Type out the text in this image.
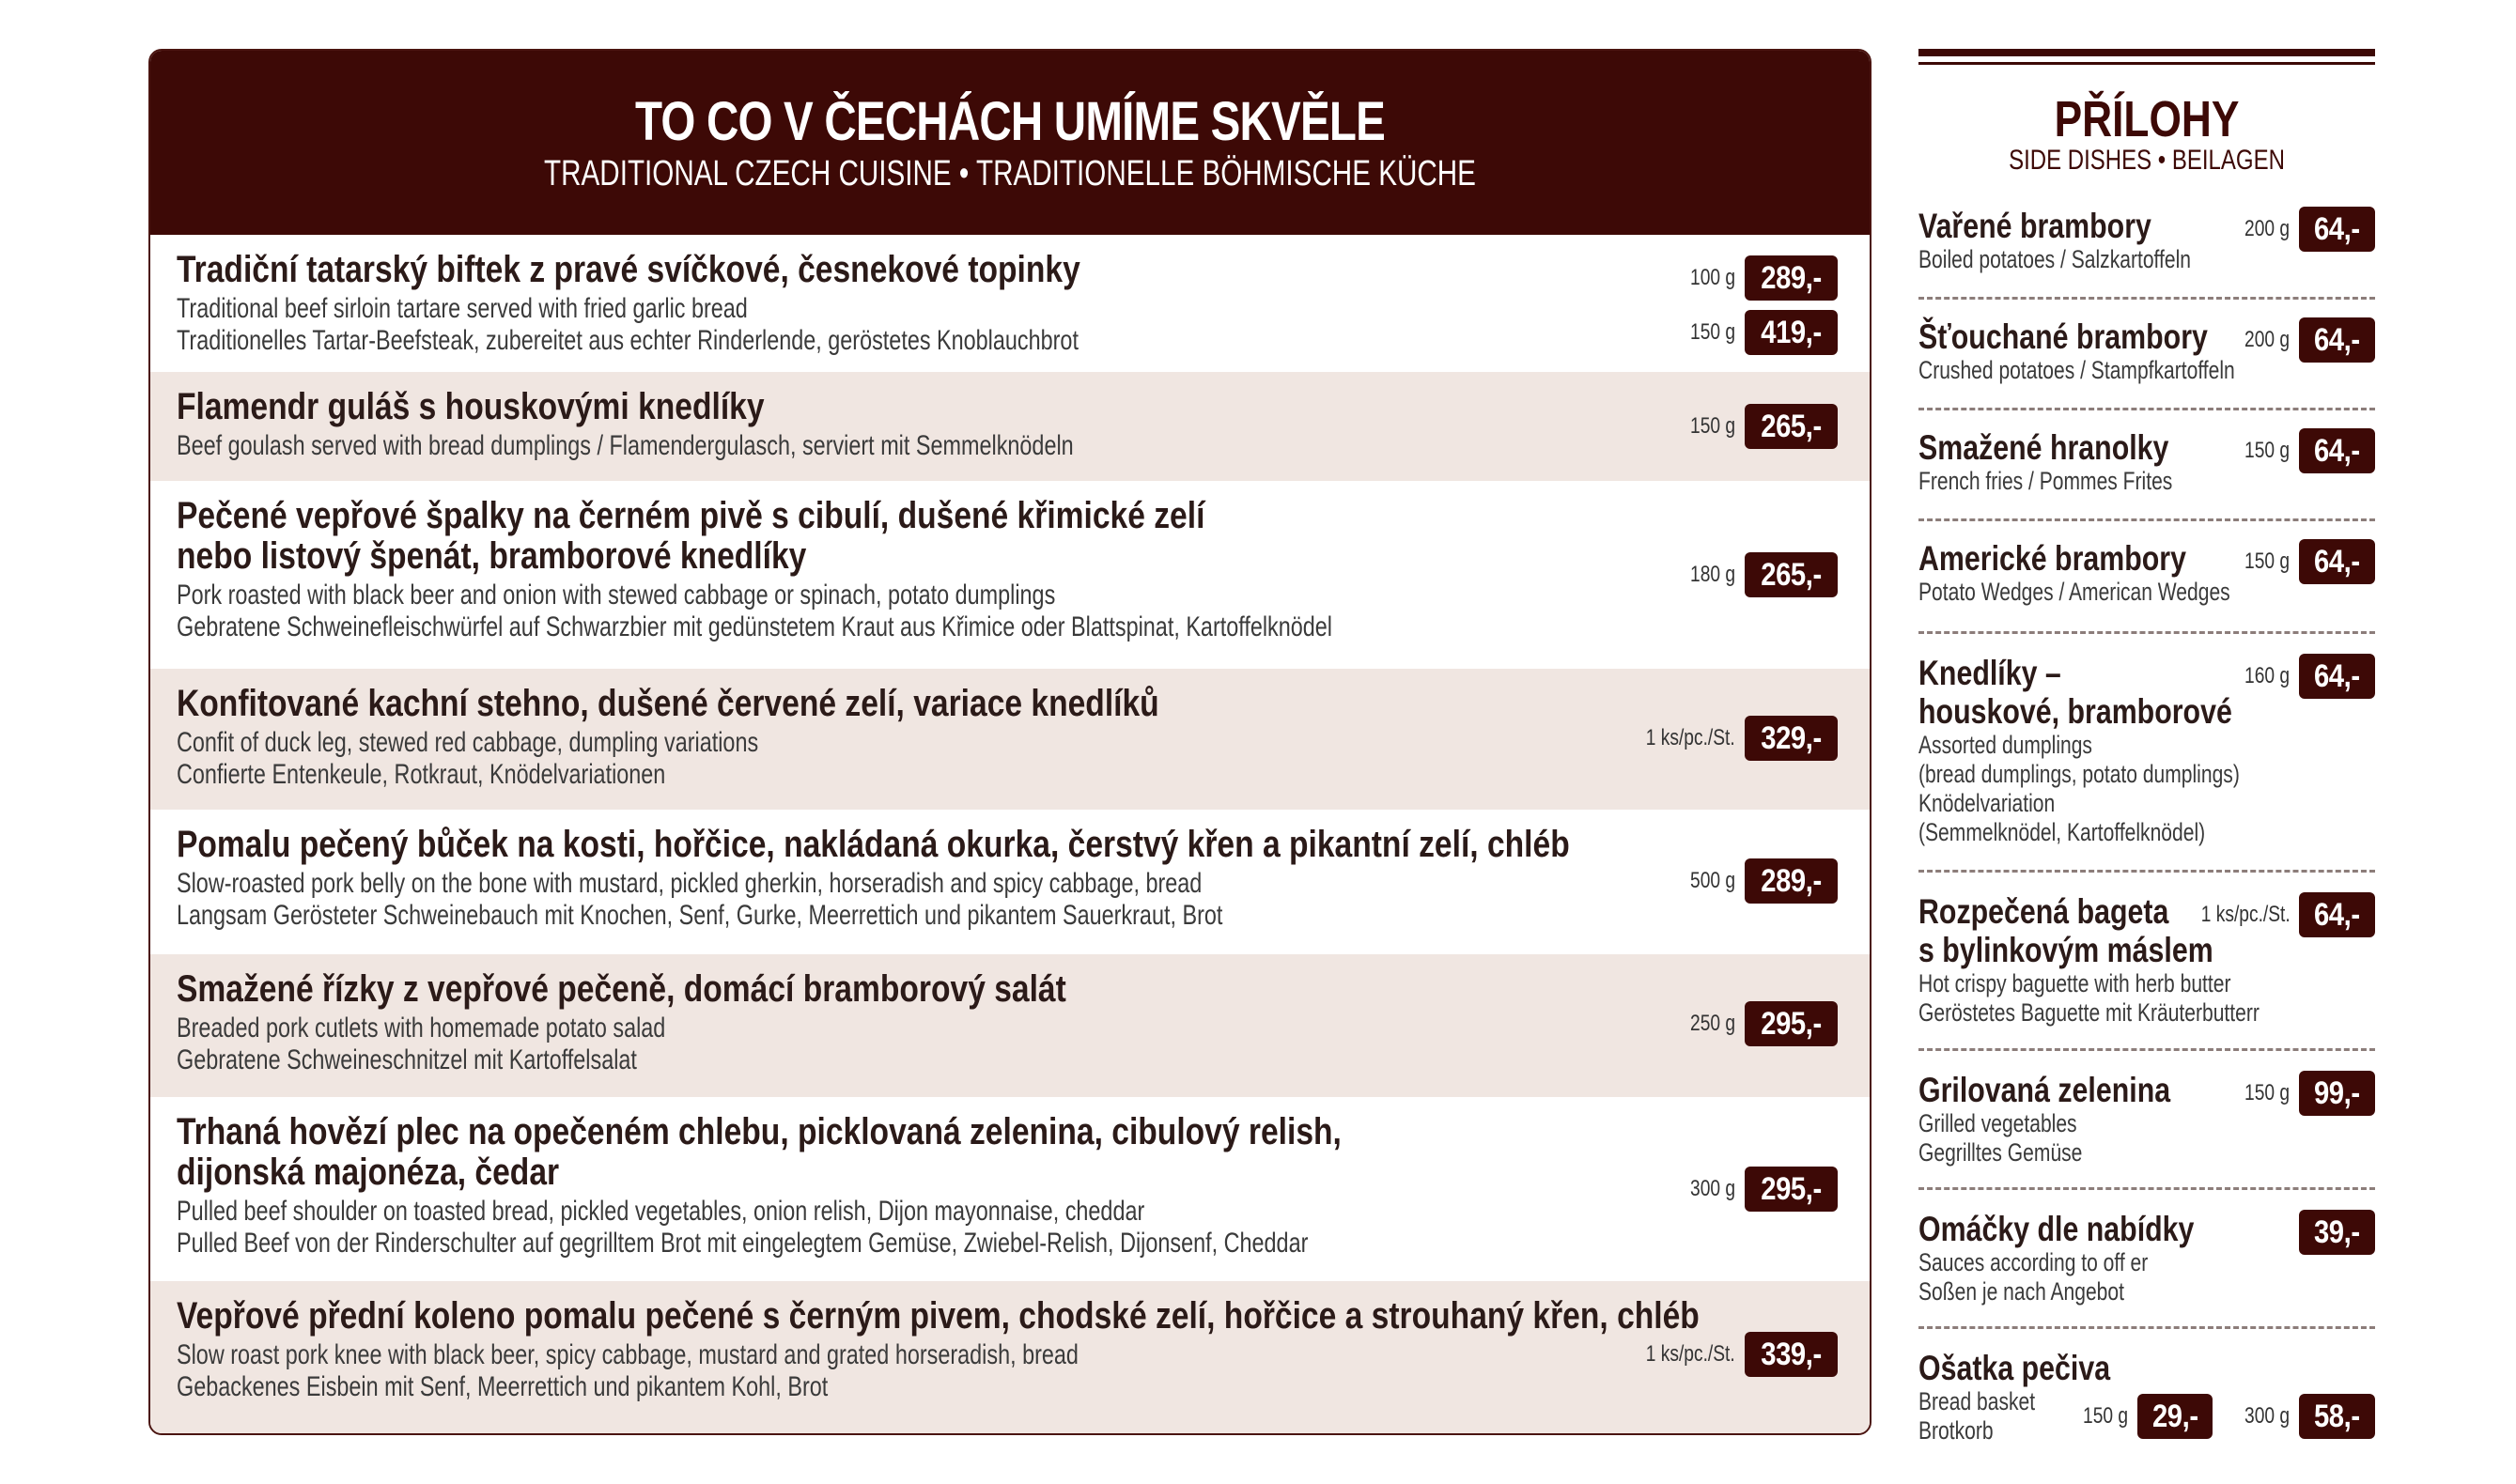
TO CO V ČECHÁCH UMÍME SKVĚLE
TRADITIONAL CZECH CUISINE • TRADITIONELLE BÖHMISCHE KÜCHE
Tradiční tatarský biftek z pravé svíčkové, česnekové topinky
Traditional beef sirloin tartare served with fried garlic bread
Traditionelles Tartar-Beefsteak, zubereitet aus echter Rinderlende, geröstetes Knoblauchbrot
100 g 289,-
150 g 419,-
Flamendr guláš s houskovými knedlíky
Beef goulash served with bread dumplings / Flamendergulasch, serviert mit Semmelknödeln
150 g 265,-
Pečené vepřové špalky na černém pivě s cibulí, dušené křimické zelí
nebo listový špenát, bramborové knedlíky
Pork roasted with black beer and onion with stewed cabbage or spinach, potato dumplings
Gebratene Schweinefleischwürfel auf Schwarzbier mit gedünstetem Kraut aus Křimice oder Blattspinat, Kartoffelknödel
180 g 265,-
Konfitované kachní stehno, dušené červené zelí, variace knedlíků
Confit of duck leg, stewed red cabbage, dumpling variations
Confierte Entenkeule, Rotkraut, Knödelvariationen
1 ks/pc./St. 329,-
Pomalu pečený bůček na kosti, hořčice, nakládaná okurka, čerstvý křen a pikantní zelí, chléb
Slow-roasted pork belly on the bone with mustard, pickled gherkin, horseradish and spicy cabbage, bread
Langsam Gerösteter Schweinebauch mit Knochen, Senf, Gurke, Meerrettich und pikantem Sauerkraut, Brot
500 g 289,-
Smažené řízky z vepřové pečeně, domácí bramborový salát
Breaded pork cutlets with homemade potato salad
Gebratene Schweineschnitzel mit Kartoffelsalat
250 g 295,-
Trhaná hovězí plec na opečeném chlebu, picklovaná zelenina, cibulový relish,
dijonská majonéza, čedar
Pulled beef shoulder on toasted bread, pickled vegetables, onion relish, Dijon mayonnaise, cheddar
Pulled Beef von der Rinderschulter auf gegrilltem Brot mit eingelegtem Gemüse, Zwiebel-Relish, Dijonsenf, Cheddar
300 g 295,-
Vepřové přední koleno pomalu pečené s černým pivem, chodské zelí, hořčice a strouhaný křen, chléb
Slow roast pork knee with black beer, spicy cabbage, mustard and grated horseradish, bread
Gebackenes Eisbein mit Senf, Meerrettich und pikantem Kohl, Brot
1 ks/pc./St. 339,-
PŘÍLOHY
SIDE DISHES • BEILAGEN
Vařené brambory
Boiled potatoes / Salzkartoffeln
200 g 64,-
Šťouchané brambory
Crushed potatoes / Stampfkartoffeln
200 g 64,-
Smažené hranolky
French fries / Pommes Frites
150 g 64,-
Americké brambory
Potato Wedges / American Wedges
150 g 64,-
Knedlíky –
houskové, bramborové
Assorted dumplings
(bread dumplings, potato dumplings)
Knödelvariation
(Semmelknödel, Kartoffelknödel)
160 g 64,-
Rozpečená bageta
s bylinkovým máslem
Hot crispy baguette with herb butter
Geröstetes Baguette mit Kräuterbutterr
1 ks/pc./St. 64,-
Grilovaná zelenina
Grilled vegetables
Gegrilltes Gemüse
150 g 99,-
Omáčky dle nabídky
Sauces according to off er
Soßen je nach Angebot
39,-
Ošatka pečiva
Bread basket
Brotkorb
150 g 29,-	300 g 58,-
